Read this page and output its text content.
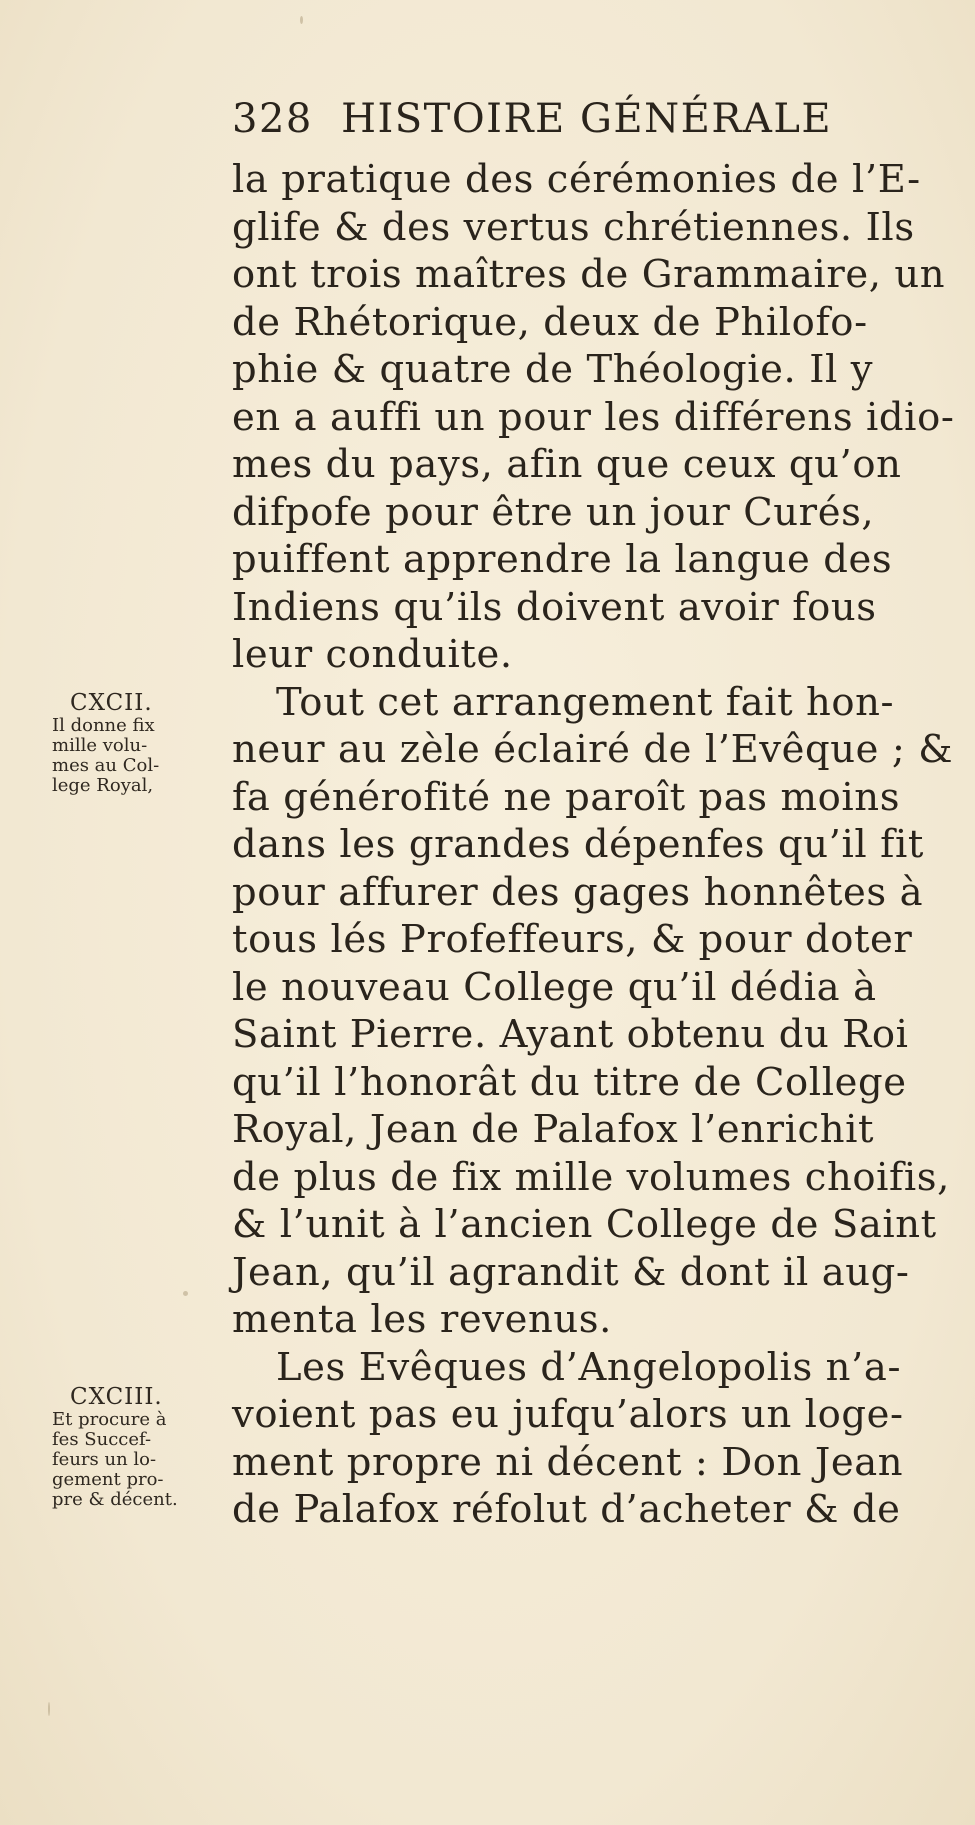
328 HISTOIRE GÉNÉRALE
la pratique des cérémonies de l’E-
glife & des vertus chrétiennes. Ils
ont trois maîtres de Grammaire, un
de Rhétorique, deux de Philofo-
phie & quatre de Théologie. Il y
en a auffi un pour les différens idio-
mes du pays, afin que ceux qu’on
difpofe pour être un jour Curés,
puiffent apprendre la langue des
Indiens qu’ils doivent avoir fous
leur conduite.
Tout cet arrangement fait hon-
neur au zèle éclairé de l’Evêque ; &
fa générofité ne paroît pas moins
dans les grandes dépenfes qu’il fit
pour affurer des gages honnêtes à
tous lés Profeffeurs, & pour doter
le nouveau College qu’il dédia à
Saint Pierre. Ayant obtenu du Roi
qu’il l’honorât du titre de College
Royal, Jean de Palafox l’enrichit
de plus de fix mille volumes choifis,
& l’unit à l’ancien College de Saint
Jean, qu’il agrandit & dont il aug-
menta les revenus.
Les Evêques d’Angelopolis n’a-
voient pas eu jufqu’alors un loge-
ment propre ni décent : Don Jean
de Palafox réfolut d’acheter & de
CXCII.
Il donne fix
mille volu-
mes au Col-
lege Royal,
CXCIII.
Et procure à
fes Succef-
feurs un lo-
gement pro-
pre & décent.
